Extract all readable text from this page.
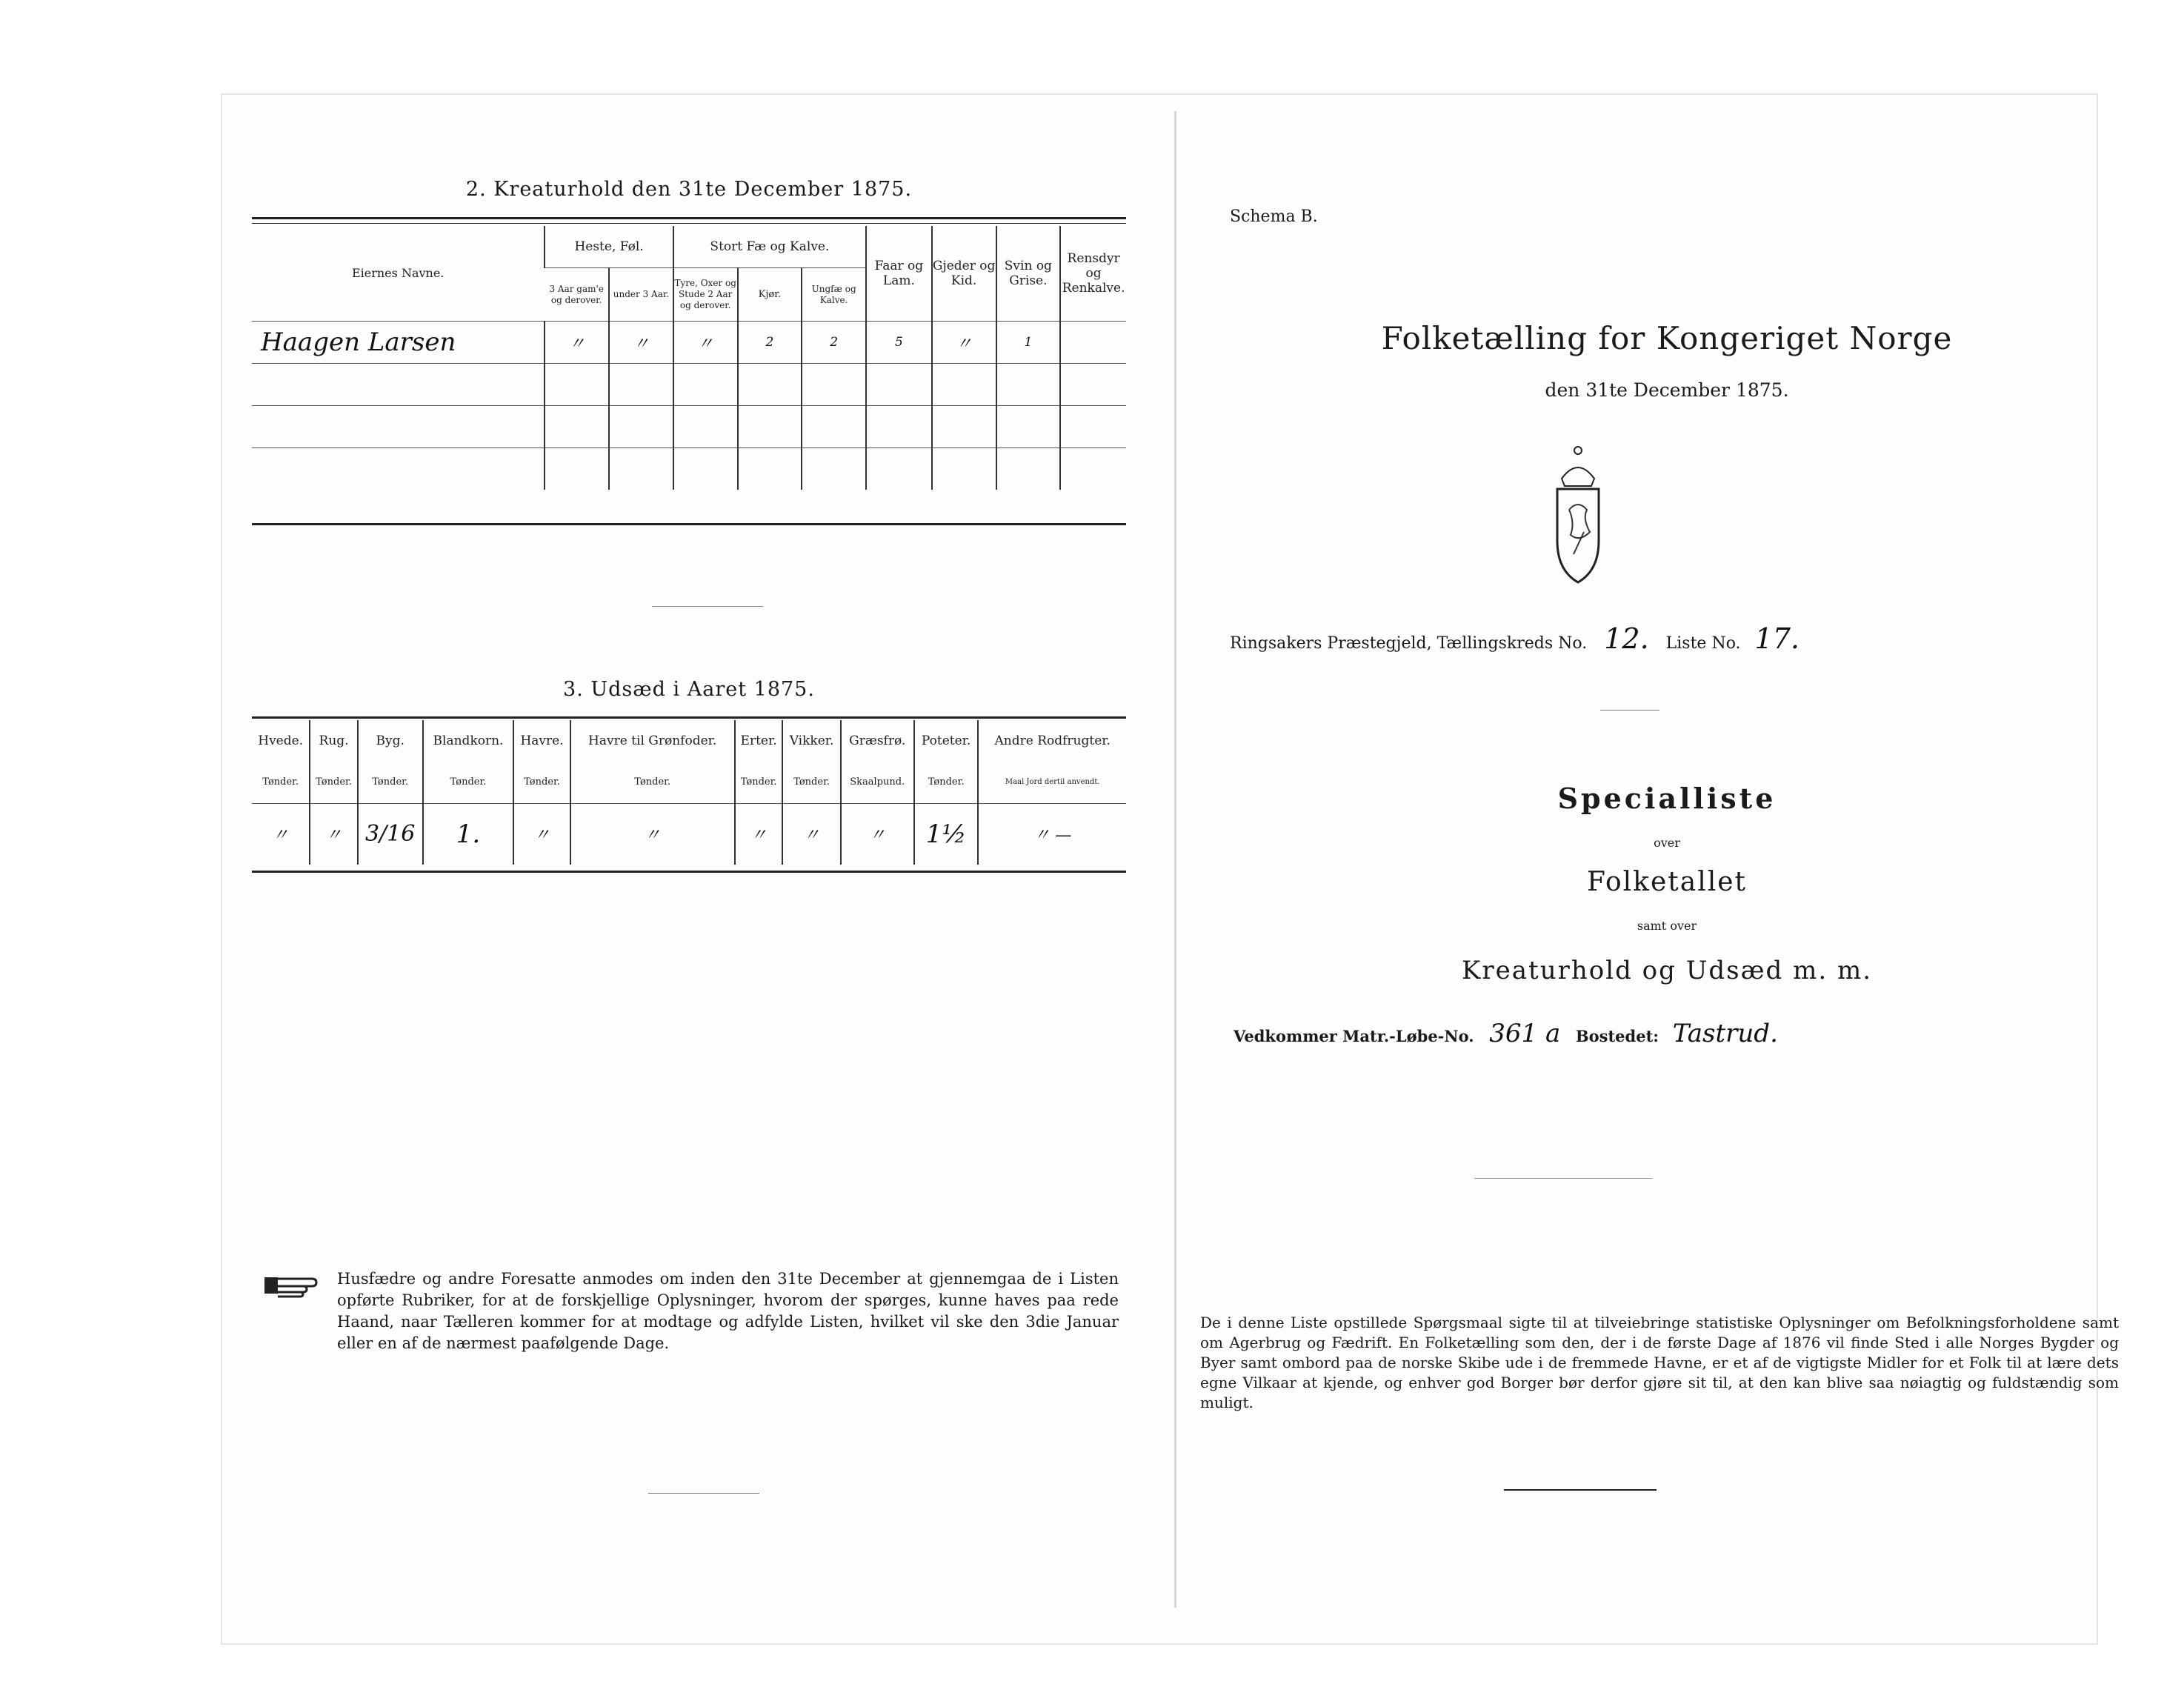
2. Kreaturhold den 31te December 1875.
Eiernes Navne.	Heste, Føl.		Stort Fæ og Kalve.			Faar og Lam.	Gjeder og Kid.	Svin og Grise.	Rensdyr og Renkalve.
	3 Aar gam'e og derover.	under 3 Aar.	Tyre, Oxer og Stude 2 Aar og derover.	Kjør.	Ungfæ og Kalve.				
Haagen Larsen	〃	〃	〃	2	2	5	〃	1	

3. Udsæd i Aaret 1875.
Hvede.	Rug.	Byg.	Blandkorn.	Havre.	Havre til Grønfoder.	Erter.	Vikker.	Græsfrø.	Poteter.	Andre Rodfrugter.
Tønder.	Tønder.	Tønder.	Tønder.	Tønder.	Tønder.	Tønder.	Tønder.	Skaalpund.	Tønder.	Maal Jord dertil anvendt.
〃	〃	3/16	1.	〃	〃	〃	〃	〃	1½	〃 —
Husfædre og andre Foresatte anmodes om inden den 31te December at gjennemgaa de i Listen opførte Rubriker, for at de forskjellige Oplysninger, hvorom der spørges, kunne haves paa rede Haand, naar Tælleren kommer for at modtage og adfylde Listen, hvilket vil ske den 3die Januar eller en af de nærmest paafølgende Dage.
Schema B.
Folketælling for Kongeriget Norge
den 31te December 1875.
Ringsakers Præstegjeld, Tællingskreds No. 12. Liste No. 17.
Specialliste
over
Folketallet
samt over
Kreaturhold og Udsæd m. m.
Vedkommer Matr.-Løbe-No. 361 a Bostedet: Tastrud.
De i denne Liste opstillede Spørgsmaal sigte til at tilveiebringe statistiske Oplysninger om Befolkningsforholdene samt om Agerbrug og Fædrift. En Folketælling som den, der i de første Dage af 1876 vil finde Sted i alle Norges Bygder og Byer samt ombord paa de norske Skibe ude i de fremmede Havne, er et af de vigtigste Midler for et Folk til at lære dets egne Vilkaar at kjende, og enhver god Borger bør derfor gjøre sit til, at den kan blive saa nøiagtig og fuldstændig som muligt.
